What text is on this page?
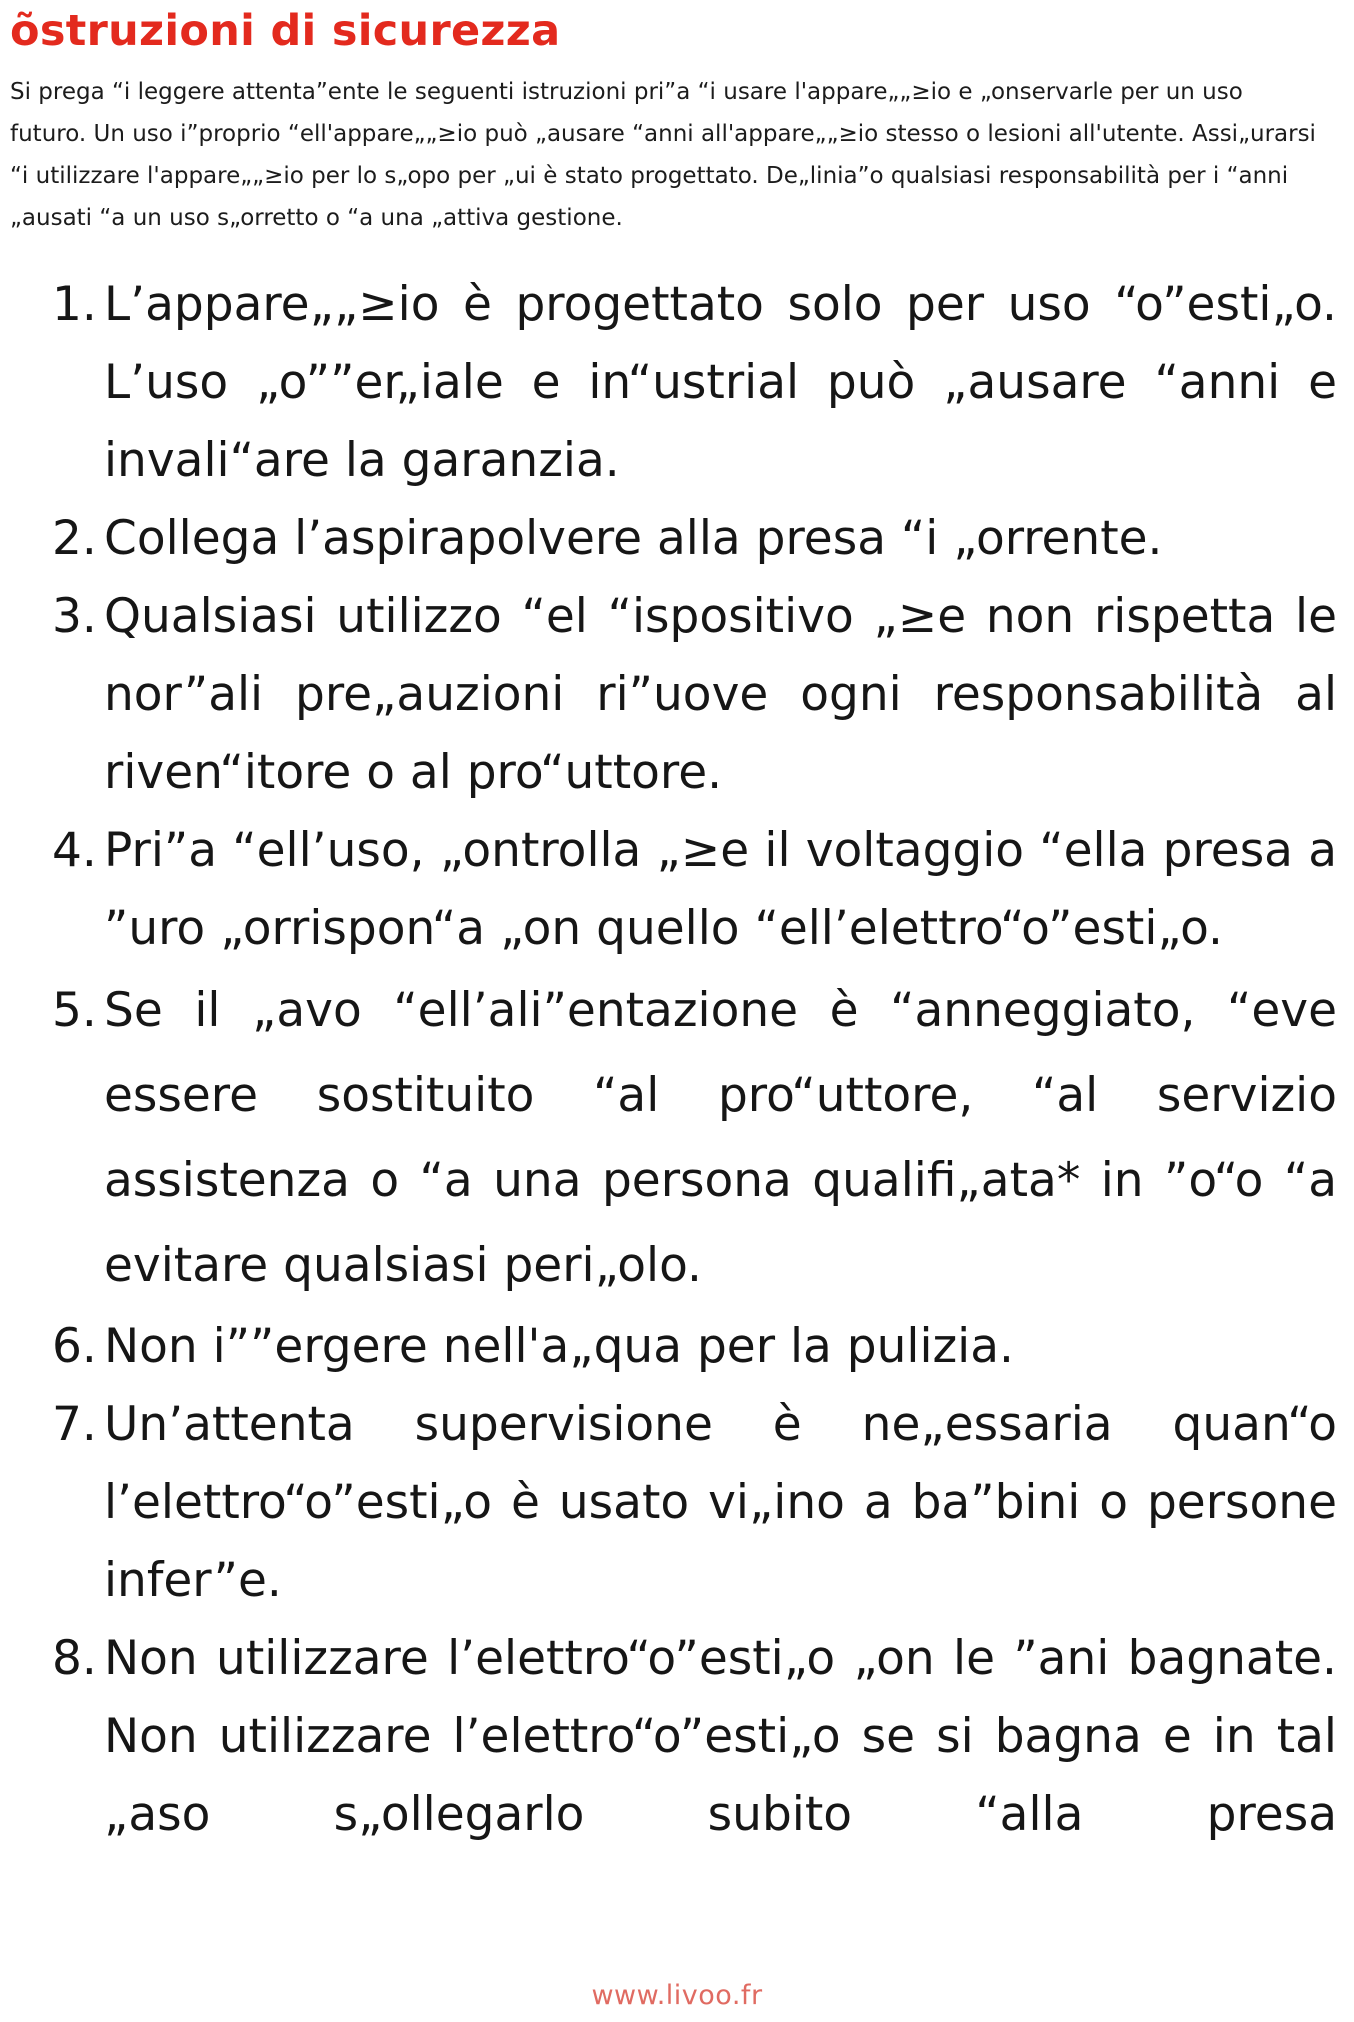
õstruzioni di sicurezza

Si prega “i leggere attenta”ente le seguenti istruzioni pri”a “i usare l'appare„„≥io e „onservarle per un uso futuro. Un uso i”proprio “ell'appare„„≥io può „ausare “anni all'appare„„≥io stesso o lesioni all'utente. Assi„urarsi “i utilizzare l'appare„„≥io per lo s„opo per „ui è stato progettato. De„linia”o qualsiasi responsabilità per i “anni „ausati “a un uso s„orretto o “a una „attiva gestione.

1. L’appare„„≥io è progettato solo per uso “o”esti„o. L’uso „o””er„iale e in“ustrial può „ausare “anni e invali“are la garanzia.
2. Collega l’aspirapolvere alla presa “i „orrente.
3. Qualsiasi utilizzo “el “ispositivo „≥e non rispetta le nor”ali pre„auzioni ri”uove ogni responsabilità al riven“itore o al pro“uttore.
4. Pri”a “ell’uso, „ontrolla „≥e il voltaggio “ella presa a ”uro „orrispon“a „on quello “ell’elettro“o”esti„o.
5. Se il „avo “ell’ali”entazione è “anneggiato, “eve essere sostituito “al pro“uttore, “al servizio assistenza o “a una persona qualifi„ata* in ”o“o “a evitare qualsiasi peri„olo.
6. Non i””ergere nell'a„qua per la pulizia.
7. Un’attenta supervisione è ne„essaria quan“o l’elettro“o”esti„o è usato vi„ino a ba”bini o persone infer”e.
8. Non utilizzare l’elettro“o”esti„o „on le ”ani bagnate. Non utilizzare l’elettro“o”esti„o se si bagna e in tal „aso s„ollegarlo subito “alla presa
www.livoo.fr
